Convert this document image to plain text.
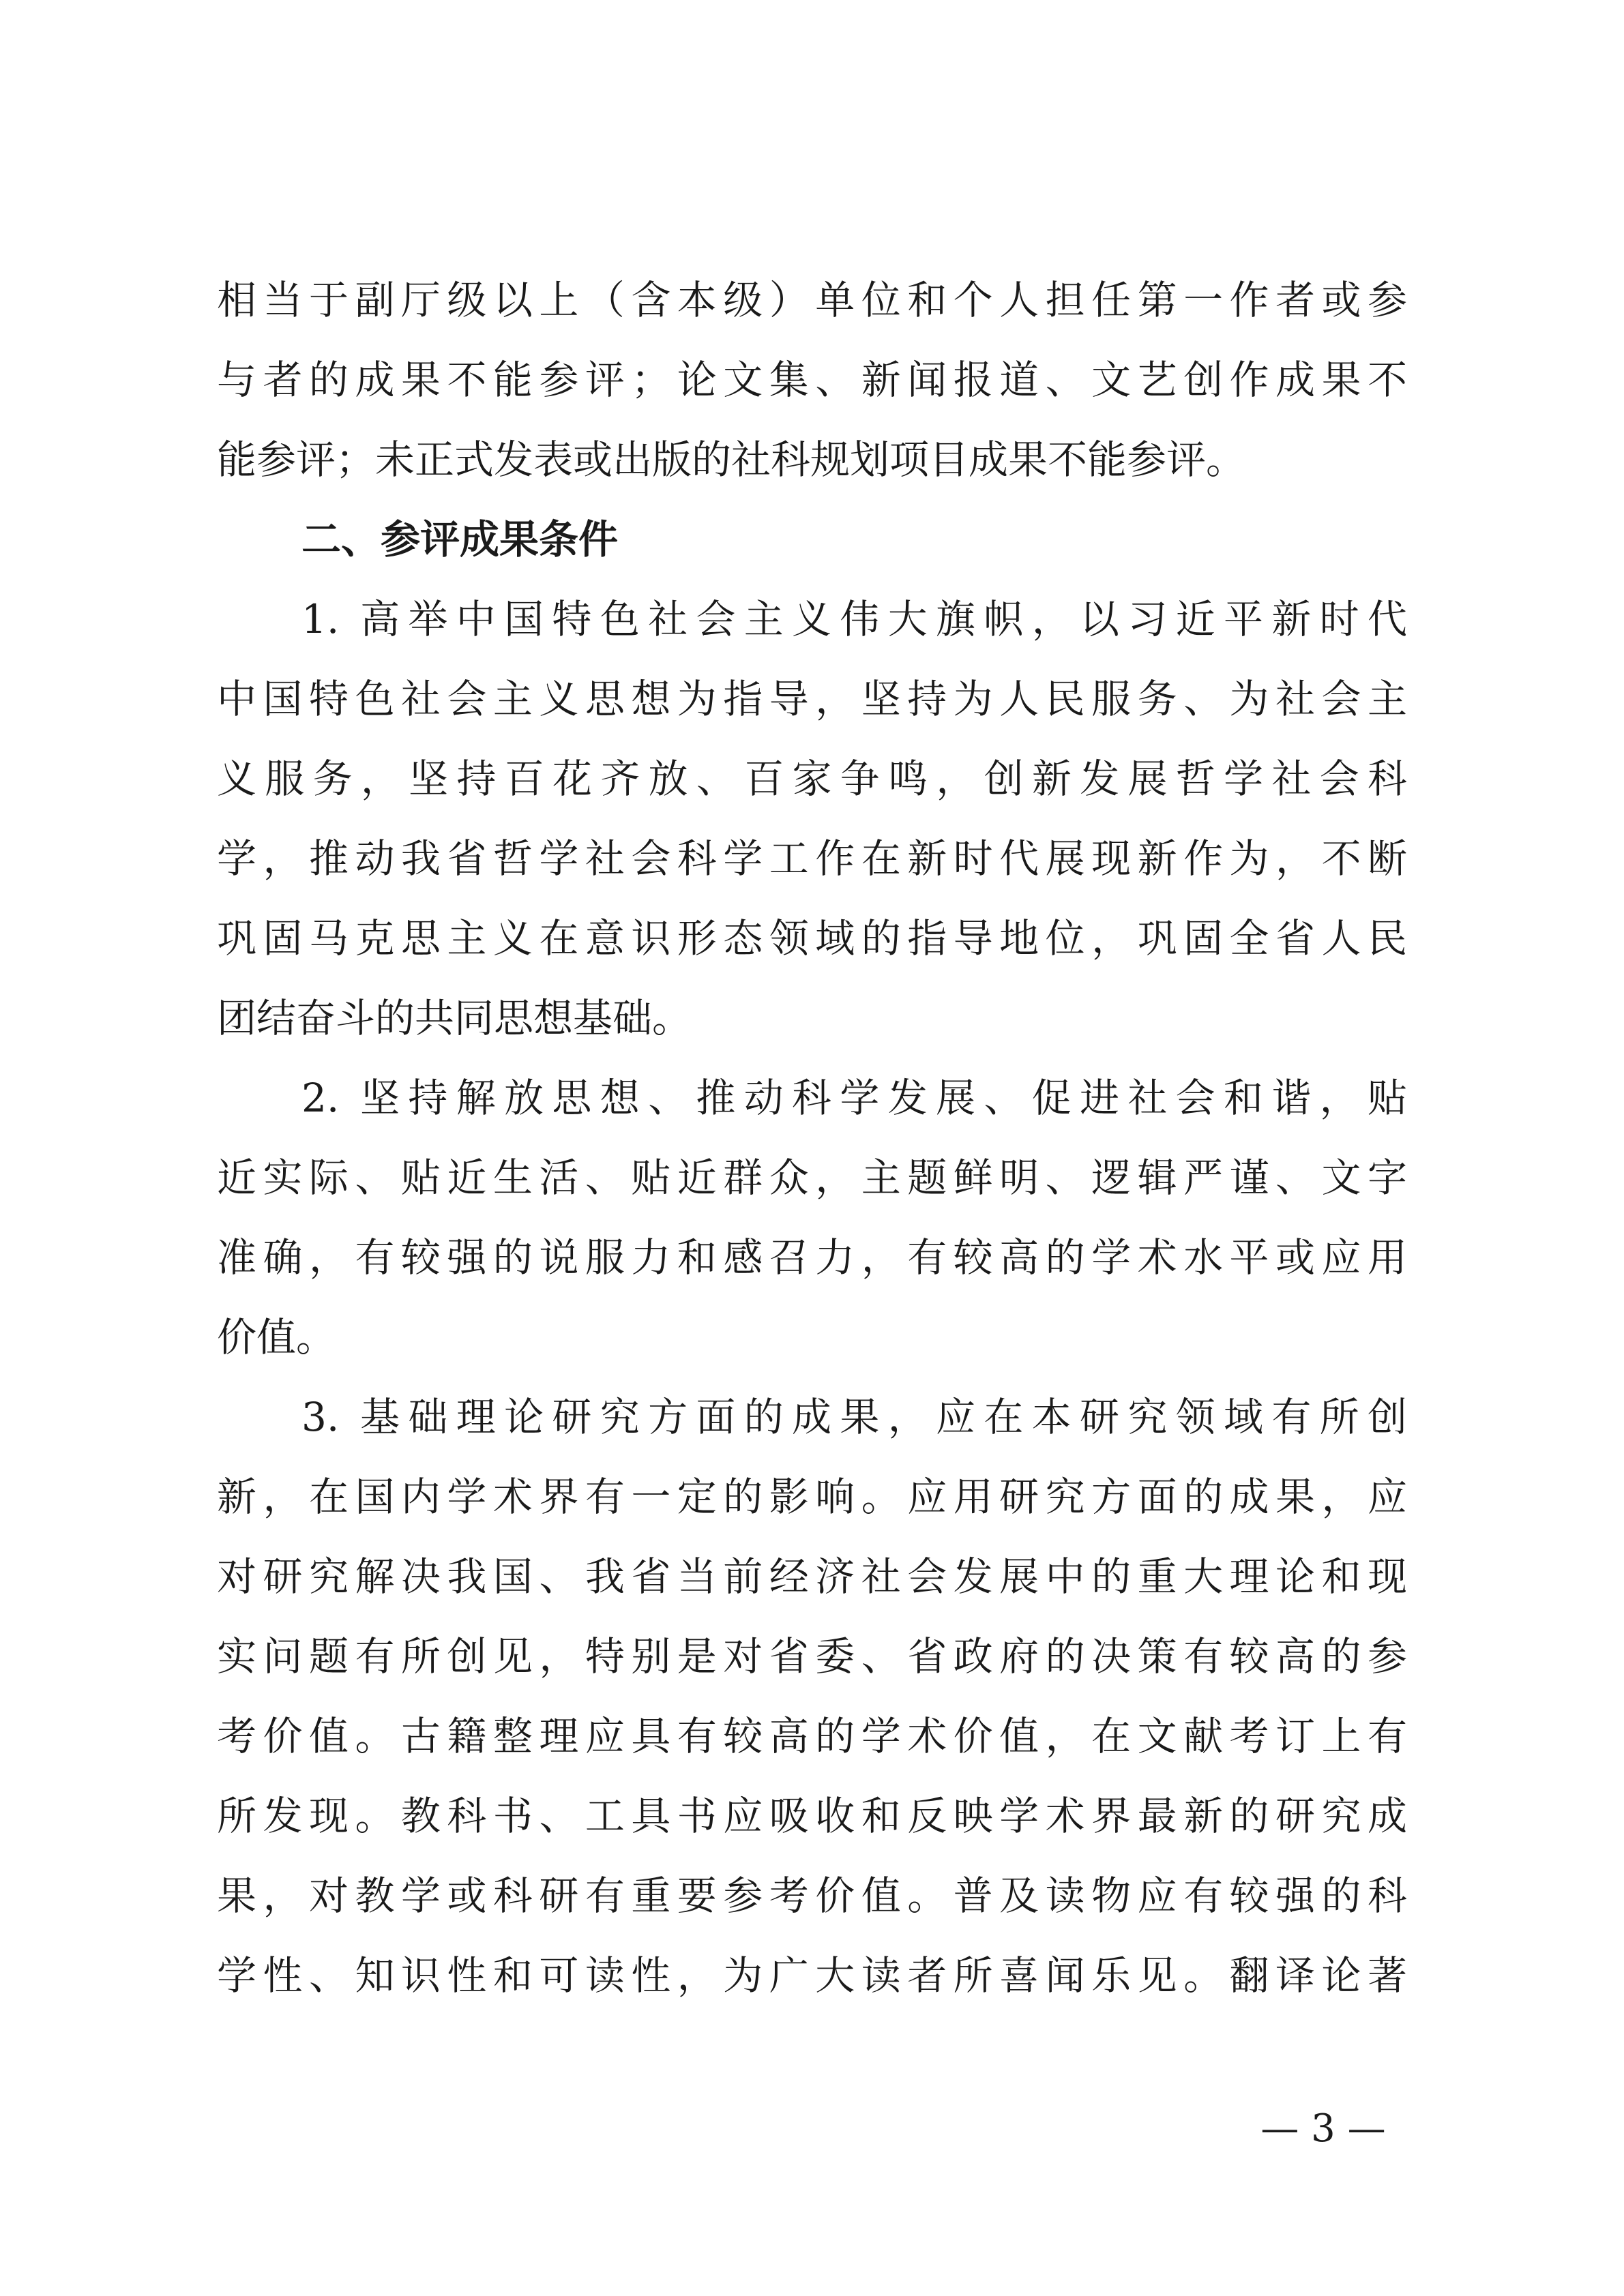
相当于副厅级以上（含本级）单位和个人担任第一作者或参
与者的成果不能参评；论文集、新闻报道、文艺创作成果不
能参评；未正式发表或出版的社科规划项目成果不能参评。
二、参评成果条件
1. 高举中国特色社会主义伟大旗帜，以习近平新时代
中国特色社会主义思想为指导，坚持为人民服务、为社会主
义服务，坚持百花齐放、百家争鸣，创新发展哲学社会科
学，推动我省哲学社会科学工作在新时代展现新作为，不断
巩固马克思主义在意识形态领域的指导地位，巩固全省人民
团结奋斗的共同思想基础。
2. 坚持解放思想、推动科学发展、促进社会和谐，贴
近实际、贴近生活、贴近群众，主题鲜明、逻辑严谨、文字
准确，有较强的说服力和感召力，有较高的学术水平或应用
价值。
3. 基础理论研究方面的成果，应在本研究领域有所创
新，在国内学术界有一定的影响。应用研究方面的成果，应
对研究解决我国、我省当前经济社会发展中的重大理论和现
实问题有所创见，特别是对省委、省政府的决策有较高的参
考价值。古籍整理应具有较高的学术价值，在文献考订上有
所发现。教科书、工具书应吸收和反映学术界最新的研究成
果，对教学或科研有重要参考价值。普及读物应有较强的科
学性、知识性和可读性，为广大读者所喜闻乐见。翻译论著
— 3 —
